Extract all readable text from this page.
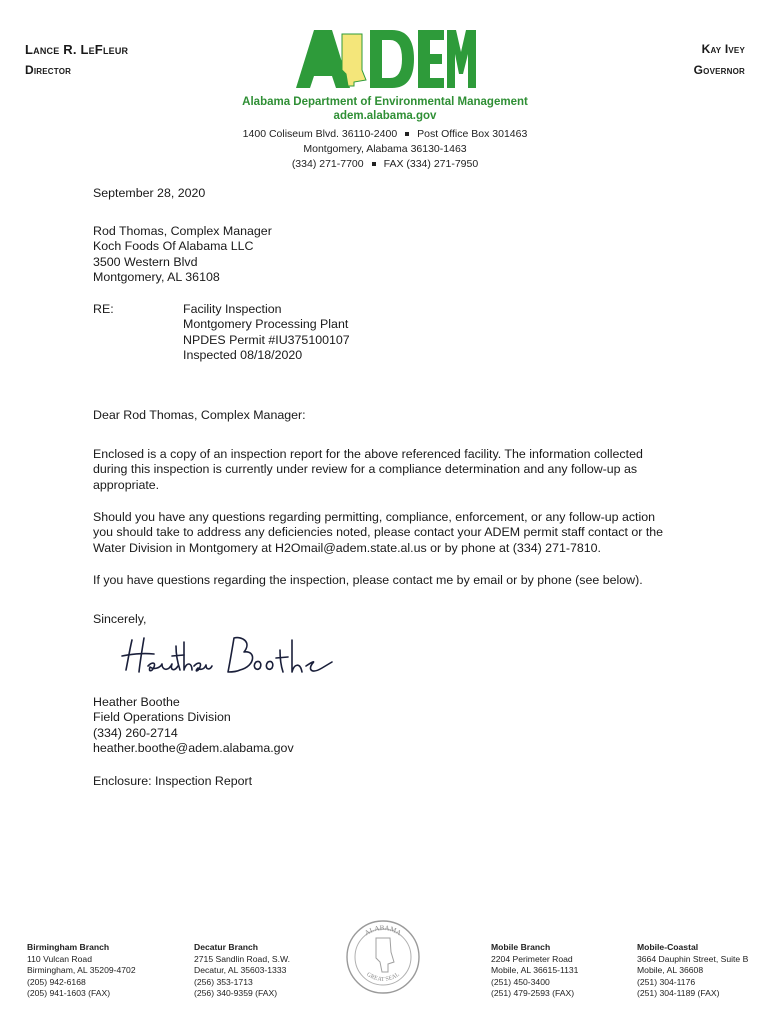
Lance R. LeFleur
Director
Kay Ivey
Governor
ADEM
Alabama Department of Environmental Management
adem.alabama.gov
1400 Coliseum Blvd. 36110-2400 Post Office Box 301463
Montgomery, Alabama 36130-1463
(334) 271-7700 FAX (334) 271-7950
September 28, 2020
Rod Thomas, Complex Manager
Koch Foods Of Alabama LLC
3500 Western Blvd
Montgomery, AL 36108
RE:	Facility Inspection
Montgomery Processing Plant
NPDES Permit #IU375100107
Inspected 08/18/2020
Dear Rod Thomas, Complex Manager:
Enclosed is a copy of an inspection report for the above referenced facility. The information collected during this inspection is currently under review for a compliance determination and any follow-up as appropriate.
Should you have any questions regarding permitting, compliance, enforcement, or any follow-up action you should take to address any deficiencies noted, please contact your ADEM permit staff contact or the Water Division in Montgomery at H2Omail@adem.state.al.us or by phone at (334) 271-7810.
If you have questions regarding the inspection, please contact me by email or by phone (see below).
Sincerely,
Heather Boothe
Heather Boothe
Field Operations Division
(334) 260-2714
heather.boothe@adem.alabama.gov
Enclosure: Inspection Report
Birmingham Branch
110 Vulcan Road
Birmingham, AL 35209-4702
(205) 942-6168
(205) 941-1603 (FAX)
Decatur Branch
2715 Sandlin Road, S.W.
Decatur, AL 35603-1333
(256) 353-1713
(256) 340-9359 (FAX)
ALABAMA
GREAT SEAL
Mobile Branch
2204 Perimeter Road
Mobile, AL 36615-1131
(251) 450-3400
(251) 479-2593 (FAX)
Mobile-Coastal
3664 Dauphin Street, Suite B
Mobile, AL 36608
(251) 304-1176
(251) 304-1189 (FAX)
